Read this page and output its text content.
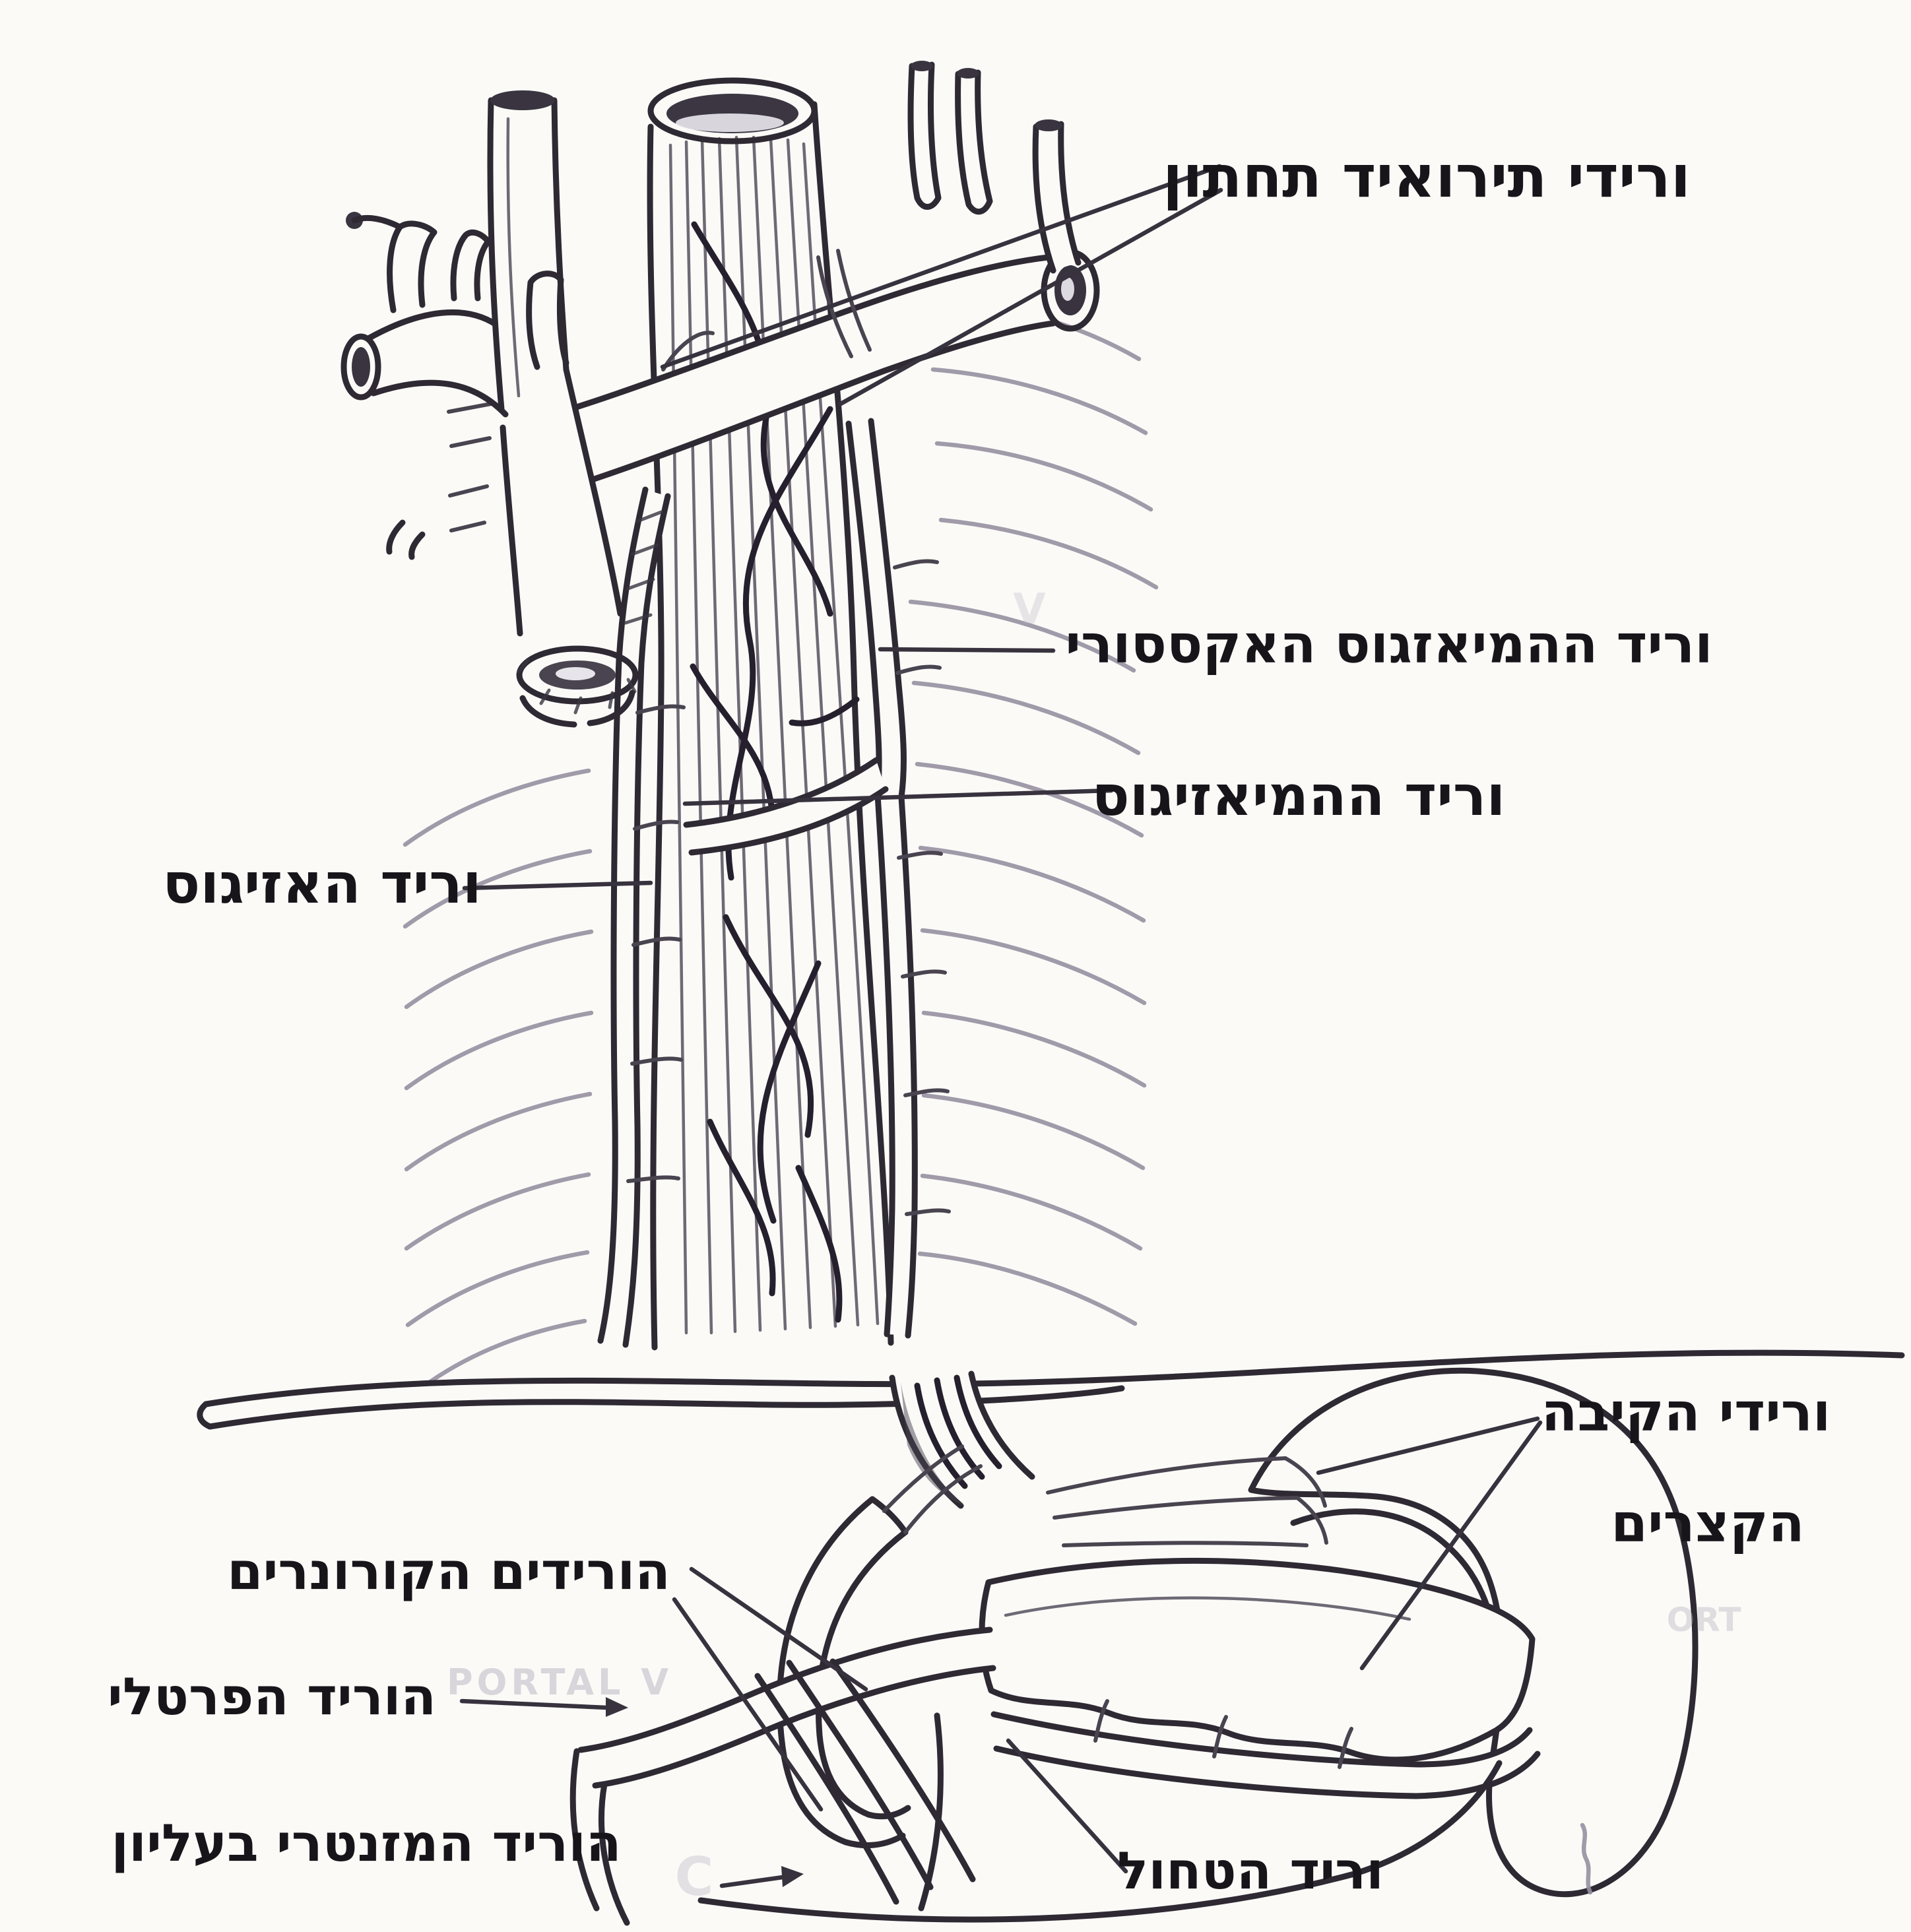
PORTAL V
ORT
C
V
ורידי תירואיד תחתון
וריד ההמיאזגוס האקססורי
וריד ההמיאזיגוס
וריד האזיגוס
ורידי הקיבה
הקצרים
הורידים הקורונרים
הוריד הפרטלי
הוריד המזנטרי בעליון	וריד הטחול
